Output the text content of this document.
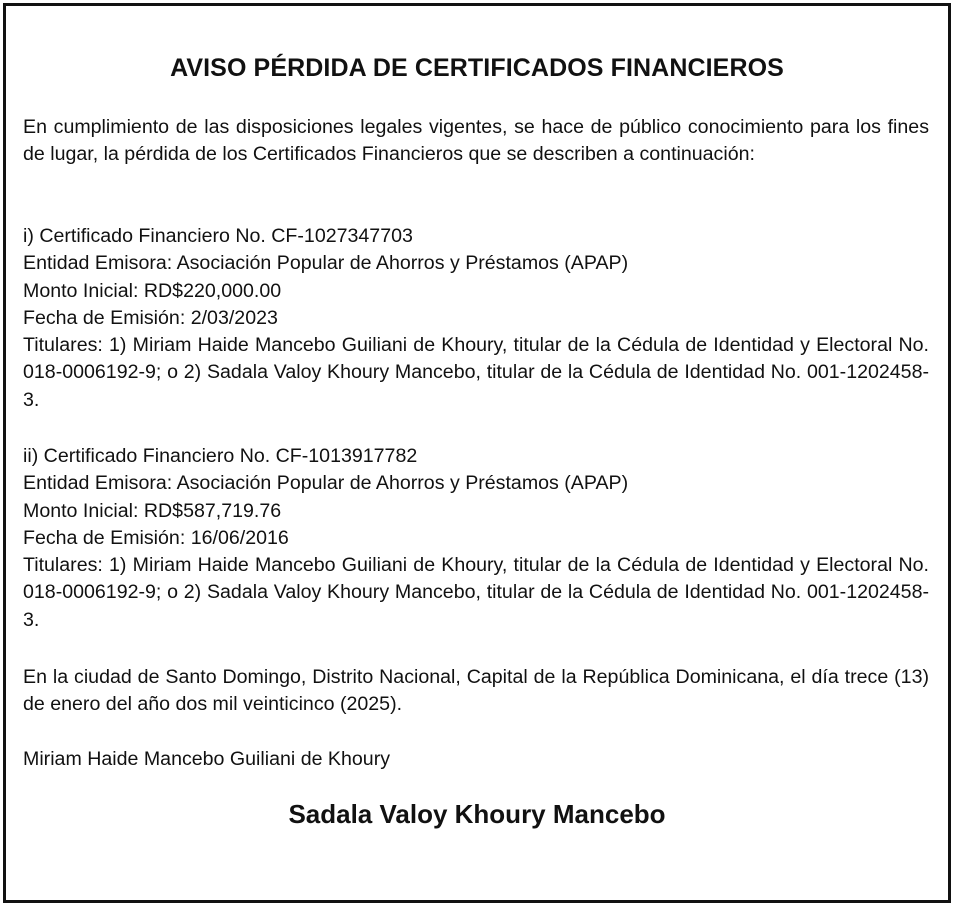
AVISO PÉRDIDA DE CERTIFICADOS FINANCIEROS

En cumplimiento de las disposiciones legales vigentes, se hace de público conocimiento para los fines de lugar, la pérdida de los Certificados Financieros que se describen a continuación:

i) Certificado Financiero No. CF-1027347703
Entidad Emisora: Asociación Popular de Ahorros y Préstamos (APAP)
Monto Inicial: RD$220,000.00
Fecha de Emisión: 2/03/2023

Titulares: 1) Miriam Haide Mancebo Guiliani de Khoury, titular de la Cédula de Identidad y Electoral No. 018-0006192-9; o 2) Sadala Valoy Khoury Mancebo, titular de la Cédula de Identidad No. 001-1202458-3.

ii) Certificado Financiero No. CF-1013917782
Entidad Emisora: Asociación Popular de Ahorros y Préstamos (APAP)
Monto Inicial: RD$587,719.76
Fecha de Emisión: 16/06/2016

Titulares: 1) Miriam Haide Mancebo Guiliani de Khoury, titular de la Cédula de Identidad y Electoral No. 018-0006192-9; o 2) Sadala Valoy Khoury Mancebo, titular de la Cédula de Identidad No. 001-1202458-3.

En la ciudad de Santo Domingo, Distrito Nacional, Capital de la República Dominicana, el día trece (13) de enero del año dos mil veinticinco (2025).

Miriam Haide Mancebo Guiliani de Khoury
Sadala Valoy Khoury Mancebo
